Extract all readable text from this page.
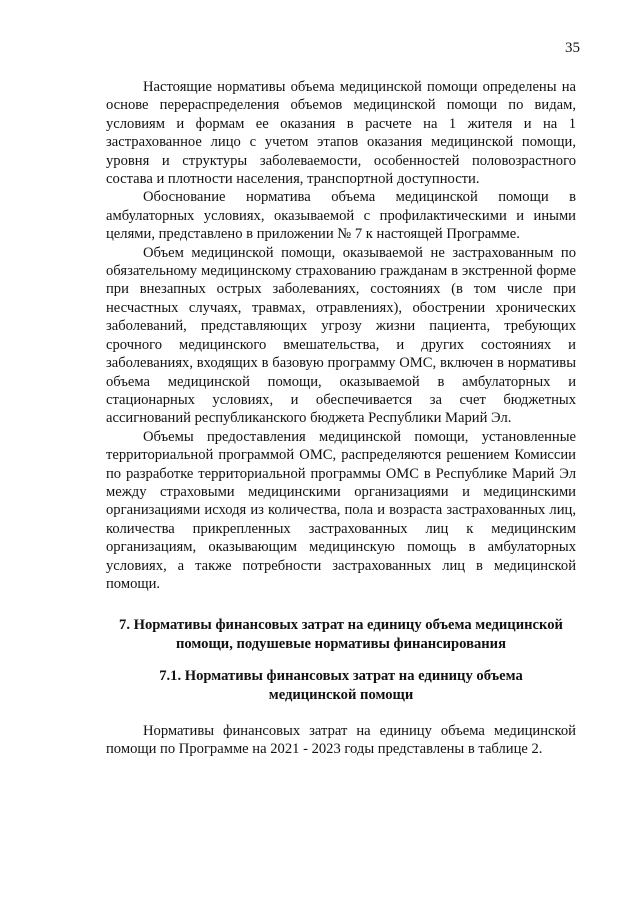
35

Настоящие нормативы объема медицинской помощи определены на основе перераспределения объемов медицинской помощи по видам, условиям и формам ее оказания в расчете на 1 жителя и на 1 застрахованное лицо с учетом этапов оказания медицинской помощи, уровня и структуры заболеваемости, особенностей половозрастного состава и плотности населения, транспортной доступности.

Обоснование норматива объема медицинской помощи в амбулаторных условиях, оказываемой с профилактическими и иными целями, представлено в приложении № 7 к настоящей Программе.

Объем медицинской помощи, оказываемой не застрахованным по обязательному медицинскому страхованию гражданам в экстренной форме при внезапных острых заболеваниях, состояниях (в том числе при несчастных случаях, травмах, отравлениях), обострении хронических заболеваний, представляющих угрозу жизни пациента, требующих срочного медицинского вмешательства, и других состояниях и заболеваниях, входящих в базовую программу ОМС, включен в нормативы объема медицинской помощи, оказываемой в амбулаторных и стационарных условиях, и обеспечивается за счет бюджетных ассигнований республиканского бюджета Республики Марий Эл.

Объемы предоставления медицинской помощи, установленные территориальной программой ОМС, распределяются решением Комиссии по разработке территориальной программы ОМС в Республике Марий Эл между страховыми медицинскими организациями и медицинскими организациями исходя из количества, пола и возраста застрахованных лиц, количества прикрепленных застрахованных лиц к медицинским организациям, оказывающим медицинскую помощь в амбулаторных условиях, а также потребности застрахованных лиц в медицинской помощи.

7. Нормативы финансовых затрат на единицу объема медицинской помощи, подушевые нормативы финансирования
7.1. Нормативы финансовых затрат на единицу объема медицинской помощи

Нормативы финансовых затрат на единицу объема медицинской помощи по Программе на 2021 - 2023 годы представлены в таблице 2.
